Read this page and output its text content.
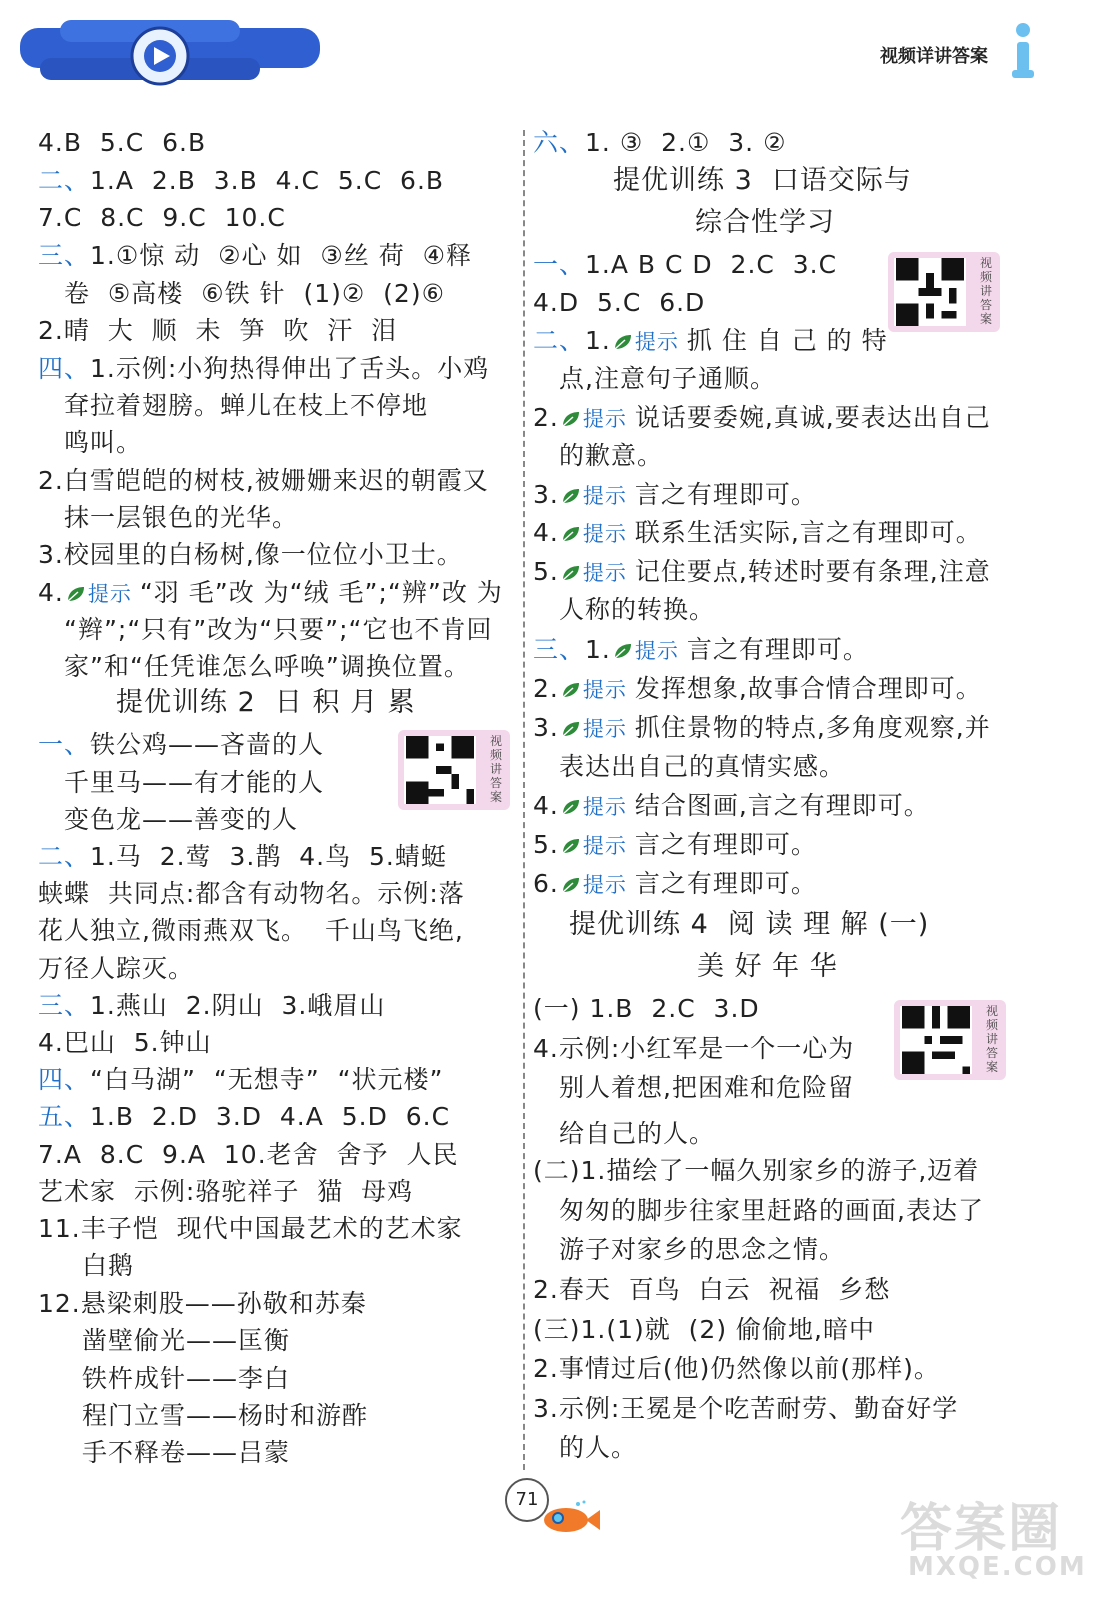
视频详讲答案
4.B  5.C  6.B
二、1.A  2.B  3.B  4.C  5.C  6.B
7.C  8.C  9.C  10.C
三、1.①惊 动  ②心 如  ③丝 荷  ④释
卷  ⑤高楼  ⑥铁 针  (1)②  (2)⑥
2.晴  大  顺  未  笋  吹  汗  泪
四、1.示例:小狗热得伸出了舌头。小鸡
耷拉着翅膀。蝉儿在枝上不停地
鸣叫。
2.白雪皑皑的树枝,被姗姗来迟的朝霞又
抹一层银色的光华。
3.校园里的白杨树,像一位位小卫士。
4. 提示 “羽 毛”改 为“绒 毛”;“辨”改 为
“辫”;“只有”改为“只要”;“它也不肯回
家”和“任凭谁怎么呼唤”调换位置。
一、铁公鸡——吝啬的人
千里马——有才能的人
变色龙——善变的人
二、1.马  2.莺  3.鹊  4.鸟  5.蜻蜓
蛱蝶  共同点:都含有动物名。示例:落
花人独立,微雨燕双飞。  千山鸟飞绝,
万径人踪灭。
三、1.燕山  2.阴山  3.峨眉山
4.巴山  5.钟山
四、“白马湖”  “无想寺”  “状元楼”
五、1.B  2.D  3.D  4.A  5.D  6.C
7.A  8.C  9.A  10.老舍  舍予  人民
艺术家  示例:骆驼祥子  猫  母鸡
11.丰子恺  现代中国最艺术的艺术家
白鹅
12.悬梁刺股——孙敬和苏秦
凿壁偷光——匡衡
铁杵成针——李白
程门立雪——杨时和游酢
手不释卷——吕蒙
提优训练 2  日 积 月 累
六、1. ③  2.①  3. ②
一、1.A B C D  2.C  3.C
4.D  5.C  6.D
二、1. 提示 抓 住 自 己 的 特
点,注意句子通顺。
2. 提示 说话要委婉,真诚,要表达出自己
的歉意。
3. 提示 言之有理即可。
4. 提示 联系生活实际,言之有理即可。
5. 提示 记住要点,转述时要有条理,注意
人称的转换。
三、1. 提示 言之有理即可。
2. 提示 发挥想象,故事合情合理即可。
3. 提示 抓住景物的特点,多角度观察,并
表达出自己的真情实感。
4. 提示 结合图画,言之有理即可。
5. 提示 言之有理即可。
6. 提示 言之有理即可。
(一) 1.B  2.C  3.D
4.示例:小红军是一个一心为
别人着想,把困难和危险留
给自己的人。
(二)1.描绘了一幅久别家乡的游子,迈着
匆匆的脚步往家里赶路的画面,表达了
游子对家乡的思念之情。
2.春天  百鸟  白云  祝福  乡愁
(三)1.(1)就  (2) 偷偷地,暗中
2.事情过后(他)仍然像以前(那样)。
3.示例:王冕是个吃苦耐劳、勤奋好学
的人。
提优训练 3  口语交际与
综合性学习
提优训练 4  阅 读 理 解 (一)
美 好 年 华
视频讲答案
视频讲答案
视频讲答案
71	答案圈
MXQE.COM
